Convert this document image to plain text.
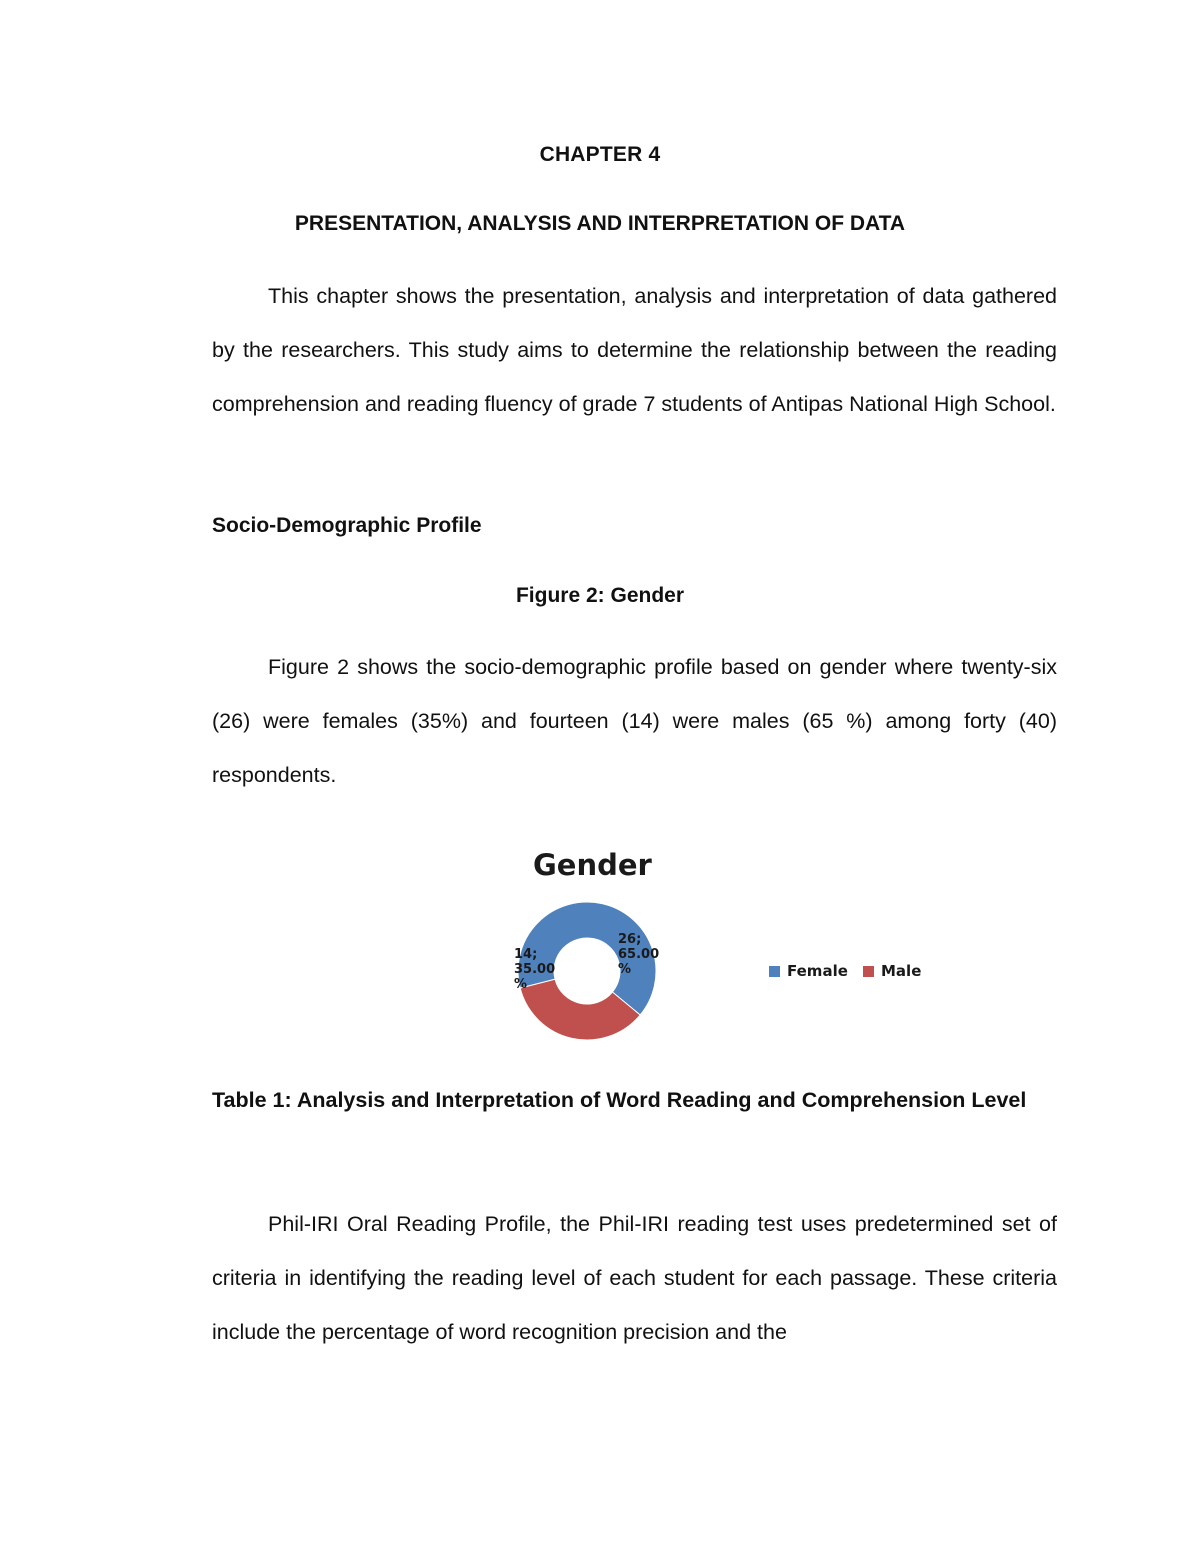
CHAPTER 4
PRESENTATION, ANALYSIS AND INTERPRETATION OF DATA

This chapter shows the presentation, analysis and interpretation of data gathered by the researchers. This study aims to determine the relationship between the reading comprehension and reading fluency of grade 7 students of Antipas National High School.

Socio-Demographic Profile
Figure 2: Gender

Figure 2 shows the socio-demographic profile based on gender where twenty-six (26) were females (35%) and fourteen (14) were males (65 %) among forty (40) respondents.

Gender
26; 65.00 %
14; 35.00 %
Female Male

Table 1: Analysis and Interpretation of Word Reading and Comprehension Level

Phil-IRI Oral Reading Profile, the Phil-IRI reading test uses predetermined set of criteria in identifying the reading level of each student for each passage. These criteria include the percentage of word recognition precision and the
